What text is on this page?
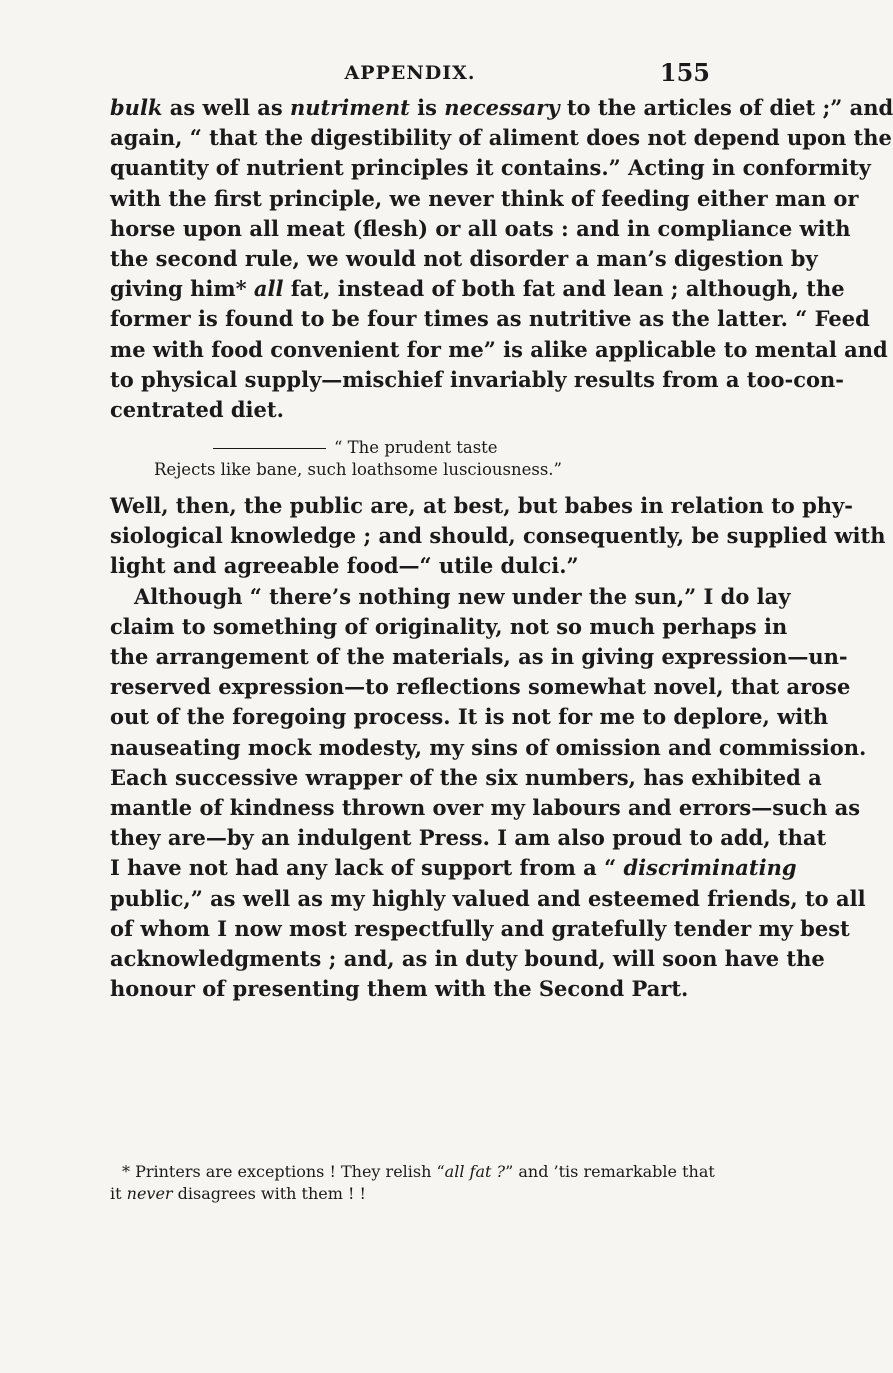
APPENDIX.	155
bulk as well as nutriment is necessary to the articles of diet ;” and
again, “ that the digestibility of aliment does not depend upon the
quantity of nutrient principles it contains.” Acting in conformity
with the first principle, we never think of feeding either man or
horse upon all meat (flesh) or all oats : and in compliance with
the second rule, we would not disorder a man’s digestion by
giving him* all fat, instead of both fat and lean ; although, the
former is found to be four times as nutritive as the latter. “ Feed
me with food convenient for me” is alike applicable to mental and
to physical supply—mischief invariably results from a too-con-
centrated diet.
“ The prudent taste
Rejects like bane, such loathsome lusciousness.”
Well, then, the public are, at best, but babes in relation to phy-
siological knowledge ; and should, consequently, be supplied with
light and agreeable food—“ utile dulci.”
Although “ there’s nothing new under the sun,” I do lay
claim to something of originality, not so much perhaps in
the arrangement of the materials, as in giving expression—un-
reserved expression—to reflections somewhat novel, that arose
out of the foregoing process. It is not for me to deplore, with
nauseating mock modesty, my sins of omission and commission.
Each successive wrapper of the six numbers, has exhibited a
mantle of kindness thrown over my labours and errors—such as
they are—by an indulgent Press. I am also proud to add, that
I have not had any lack of support from a “ discriminating
public,” as well as my highly valued and esteemed friends, to all
of whom I now most respectfully and gratefully tender my best
acknowledgments ; and, as in duty bound, will soon have the
honour of presenting them with the Second Part.
* Printers are exceptions ! They relish “all fat ?” and ’tis remarkable that
it never disagrees with them ! !
